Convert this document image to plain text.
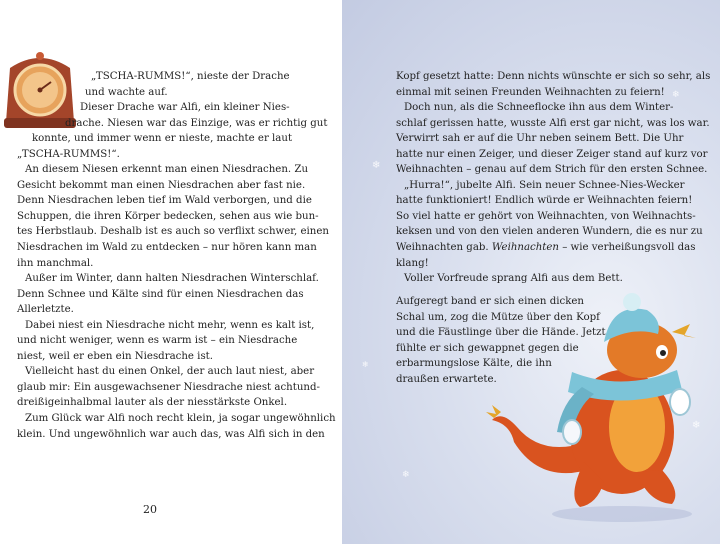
„TSCHA-RUMMS!“, nieste der Drache
und wachte auf.
Dieser Drache war Alfi, ein kleiner Nies-
drache. Niesen war das Einzige, was er richtig gut
konnte, und immer wenn er nieste, machte er laut
„TSCHA-RUMMS!“.
An diesem Niesen erkennt man einen Niesdrachen. Zu
Gesicht bekommt man einen Niesdrachen aber fast nie.
Denn Niesdrachen leben tief im Wald verborgen, und die
Schuppen, die ihren Körper bedecken, sehen aus wie bun-
tes Herbstlaub. Deshalb ist es auch so verflixt schwer, einen
Niesdrachen im Wald zu entdecken – nur hören kann man
ihn manchmal.
Außer im Winter, dann halten Niesdrachen Winterschlaf.
Denn Schnee und Kälte sind für einen Niesdrachen das
Allerletzte.
Dabei niest ein Niesdrache nicht mehr, wenn es kalt ist,
und nicht weniger, wenn es warm ist – ein Niesdrache
niest, weil er eben ein Niesdrache ist.
Vielleicht hast du einen Onkel, der auch laut niest, aber
glaub mir: Ein ausgewachsener Niesdrache niest achtund-
dreißigeinhalbmal lauter als der niesstärkste Onkel.
Zum Glück war Alfi noch recht klein, ja sogar ungewöhnlich
klein. Und ungewöhnlich war auch das, was Alfi sich in den
20
❄
❄
❄
❄
❄
Kopf gesetzt hatte: Denn nichts wünschte er sich so sehr, als
einmal mit seinen Freunden Weihnachten zu feiern!
Doch nun, als die Schneeflocke ihn aus dem Winter-
schlaf gerissen hatte, wusste Alfi erst gar nicht, was los war.
Verwirrt sah er auf die Uhr neben seinem Bett. Die Uhr
hatte nur einen Zeiger, und dieser Zeiger stand auf kurz vor
Weihnachten – genau auf dem Strich für den ersten Schnee.
„Hurra!“, jubelte Alfi. Sein neuer Schnee-Nies-Wecker
hatte funktioniert! Endlich würde er Weihnachten feiern!
So viel hatte er gehört von Weihnachten, von Weihnachts-
keksen und von den vielen anderen Wundern, die es nur zu
Weihnachten gab. Weihnachten – wie verheißungsvoll das
klang!
Voller Vorfreude sprang Alfi aus dem Bett.
Aufgeregt band er sich einen dicken
Schal um, zog die Mütze über den Kopf
und die Fäustlinge über die Hände. Jetzt
fühlte er sich gewappnet gegen die
erbarmungslose Kälte, die ihn
draußen erwartete.
